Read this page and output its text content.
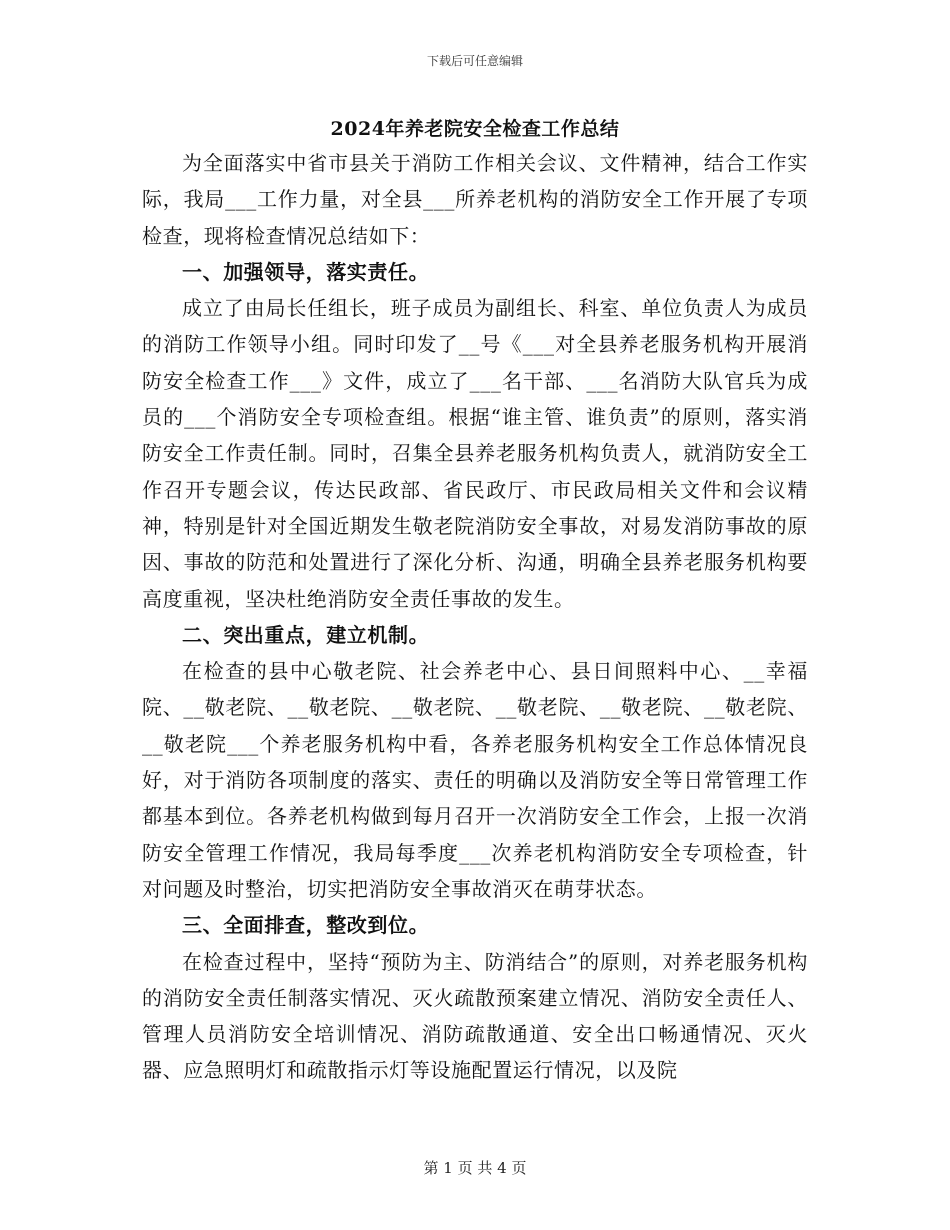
下载后可任意编辑
2024年养老院安全检查工作总结

为全面落实中省市县关于消防工作相关会议、文件精神，结合工作实际，我局___工作力量，对全县___所养老机构的消防安全工作开展了专项检查，现将检查情况总结如下：

一、加强领导，落实责任。

成立了由局长任组长，班子成员为副组长、科室、单位负责人为成员的消防工作领导小组。同时印发了__号《___对全县养老服务机构开展消防安全检查工作___》文件，成立了___名干部、___名消防大队官兵为成员的___个消防安全专项检查组。根据“谁主管、谁负责”的原则，落实消防安全工作责任制。同时，召集全县养老服务机构负责人，就消防安全工作召开专题会议，传达民政部、省民政厅、市民政局相关文件和会议精神，特别是针对全国近期发生敬老院消防安全事故，对易发消防事故的原因、事故的防范和处置进行了深化分析、沟通，明确全县养老服务机构要高度重视，坚决杜绝消防安全责任事故的发生。

二、突出重点，建立机制。

在检查的县中心敬老院、社会养老中心、县日间照料中心、__幸福院、__敬老院、__敬老院、__敬老院、__敬老院、__敬老院、__敬老院、__敬老院___个养老服务机构中看，各养老服务机构安全工作总体情况良好，对于消防各项制度的落实、责任的明确以及消防安全等日常管理工作都基本到位。各养老机构做到每月召开一次消防安全工作会，上报一次消防安全管理工作情况，我局每季度___次养老机构消防安全专项检查，针对问题及时整治，切实把消防安全事故消灭在萌芽状态。

三、全面排查，整改到位。

在检查过程中，坚持“预防为主、防消结合”的原则，对养老服务机构的消防安全责任制落实情况、灭火疏散预案建立情况、消防安全责任人、管理人员消防安全培训情况、消防疏散通道、安全出口畅通情况、灭火器、应急照明灯和疏散指示灯等设施配置运行情况，以及院

第 1 页 共 4 页
